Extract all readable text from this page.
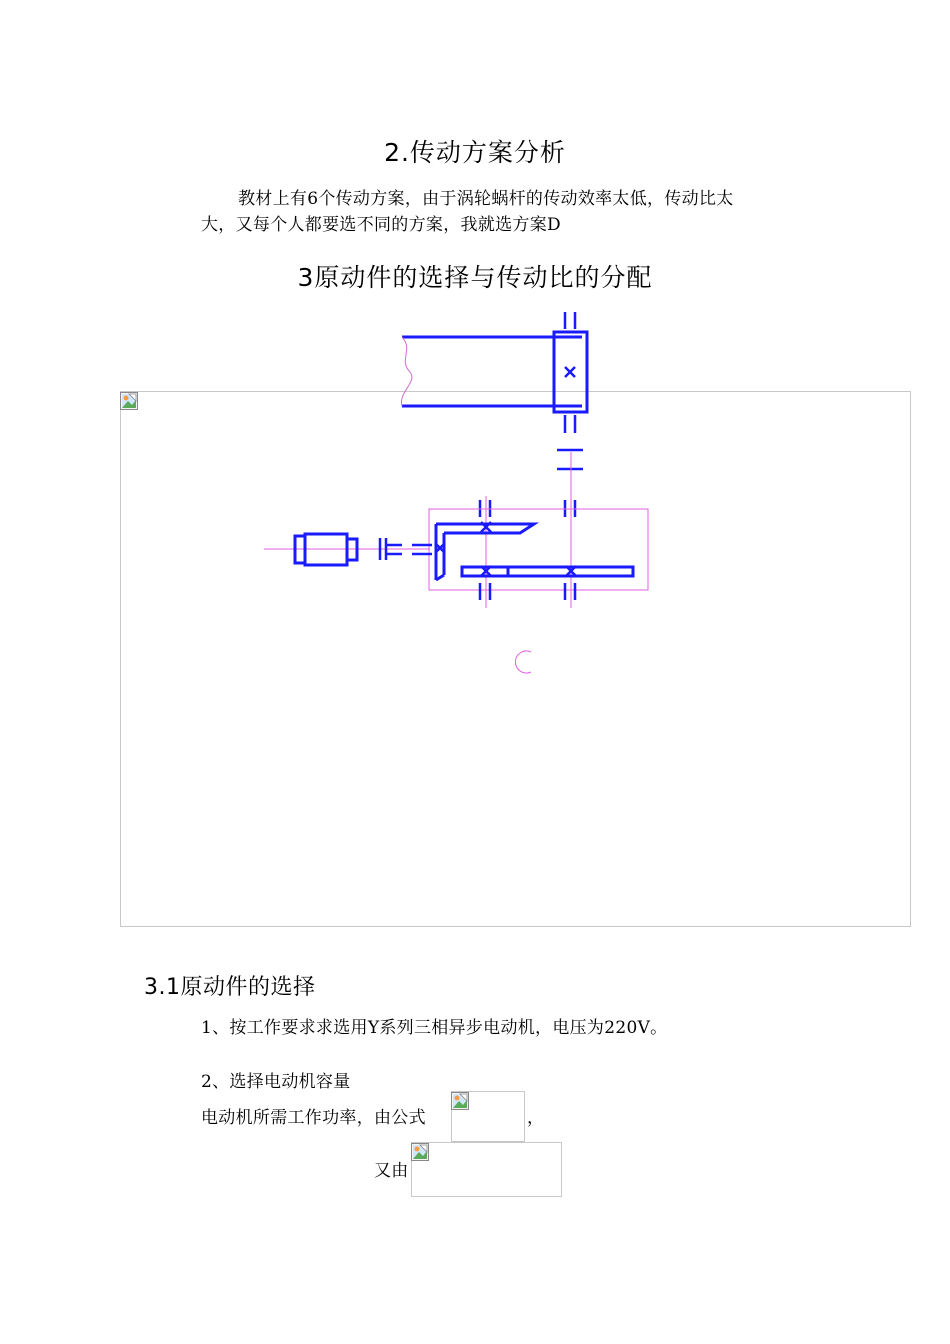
2.传动方案分析
教材上有6个传动方案，由于涡轮蜗杆的传动效率太低，传动比太
大，又每个人都要选不同的方案，我就选方案D
3原动件的选择与传动比的分配
3.1原动件的选择
1、按工作要求求选用Y系列三相异步电动机，电压为220V。
2、选择电动机容量
电动机所需工作功率，由公式	，
又由
